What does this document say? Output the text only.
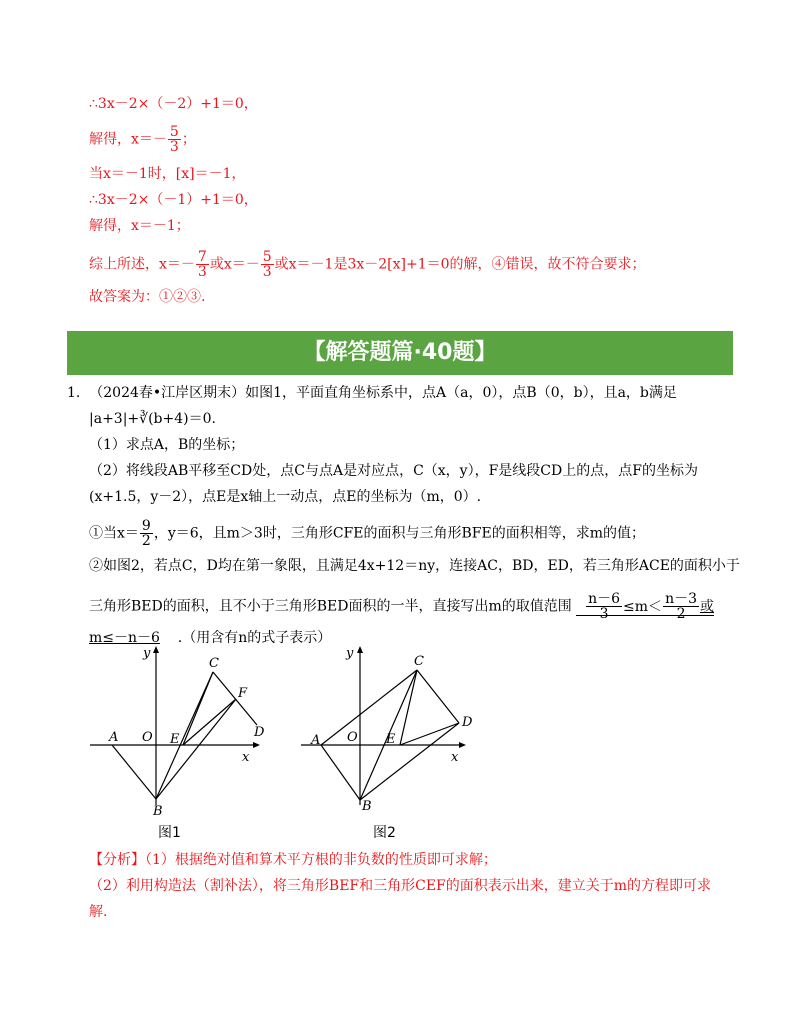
∴3x－2×（－2）+1＝0，
解得，$x=- \frac{5}{3}$ ；
当x＝－1时，[x]＝－1，
∴3x－2×（－1）+1＝0，
解得，x＝－1；
综上所述，$x=- \frac{7}{3}$ 或$x=- \frac{5}{3}$ 或x＝－1是3x－2[x]+1＝0的解，④错误，故不符合要求；
故答案为：①②③.
【解答题篇·40题】
1. （2024春•江岸区期末）如图1，平面直角坐标系中，点A（a，0），点B（0，b），且a，b满足
|a+3|+∛(b+4)＝0.
（1）求点A，B的坐标；
（2）将线段AB平移至CD处，点C与点A是对应点，C（x，y），F是线段CD上的点，点F的坐标为
(x+1.5，y－2），点E是x轴上一动点，点E的坐标为（m，0）.
①当$x= \frac{9}{2}$ ，y＝6，且m＞3时，三角形CFE的面积与三角形BFE的面积相等，求m的值；
②如图2，若点C，D均在第一象限，且满足4x+12＝ny，连接AC，BD，ED，若三角形ACE的面积小于
三角形BED的面积，且不小于三角形BED面积的一半，直接写出m的取值范围 $\frac{n-6}{3} \le m< \frac{n-3}{2}$ 或
m≤－n－6 .（用含有n的式子表示）
y
x
O
A
B
C
D
E
F
图1
y
x
O
A
B
C
D
E
图2
【分析】（1）根据绝对值和算术平方根的非负数的性质即可求解；
（2）利用构造法（割补法），将三角形BEF和三角形CEF的面积表示出来，建立关于m的方程即可求
解.
